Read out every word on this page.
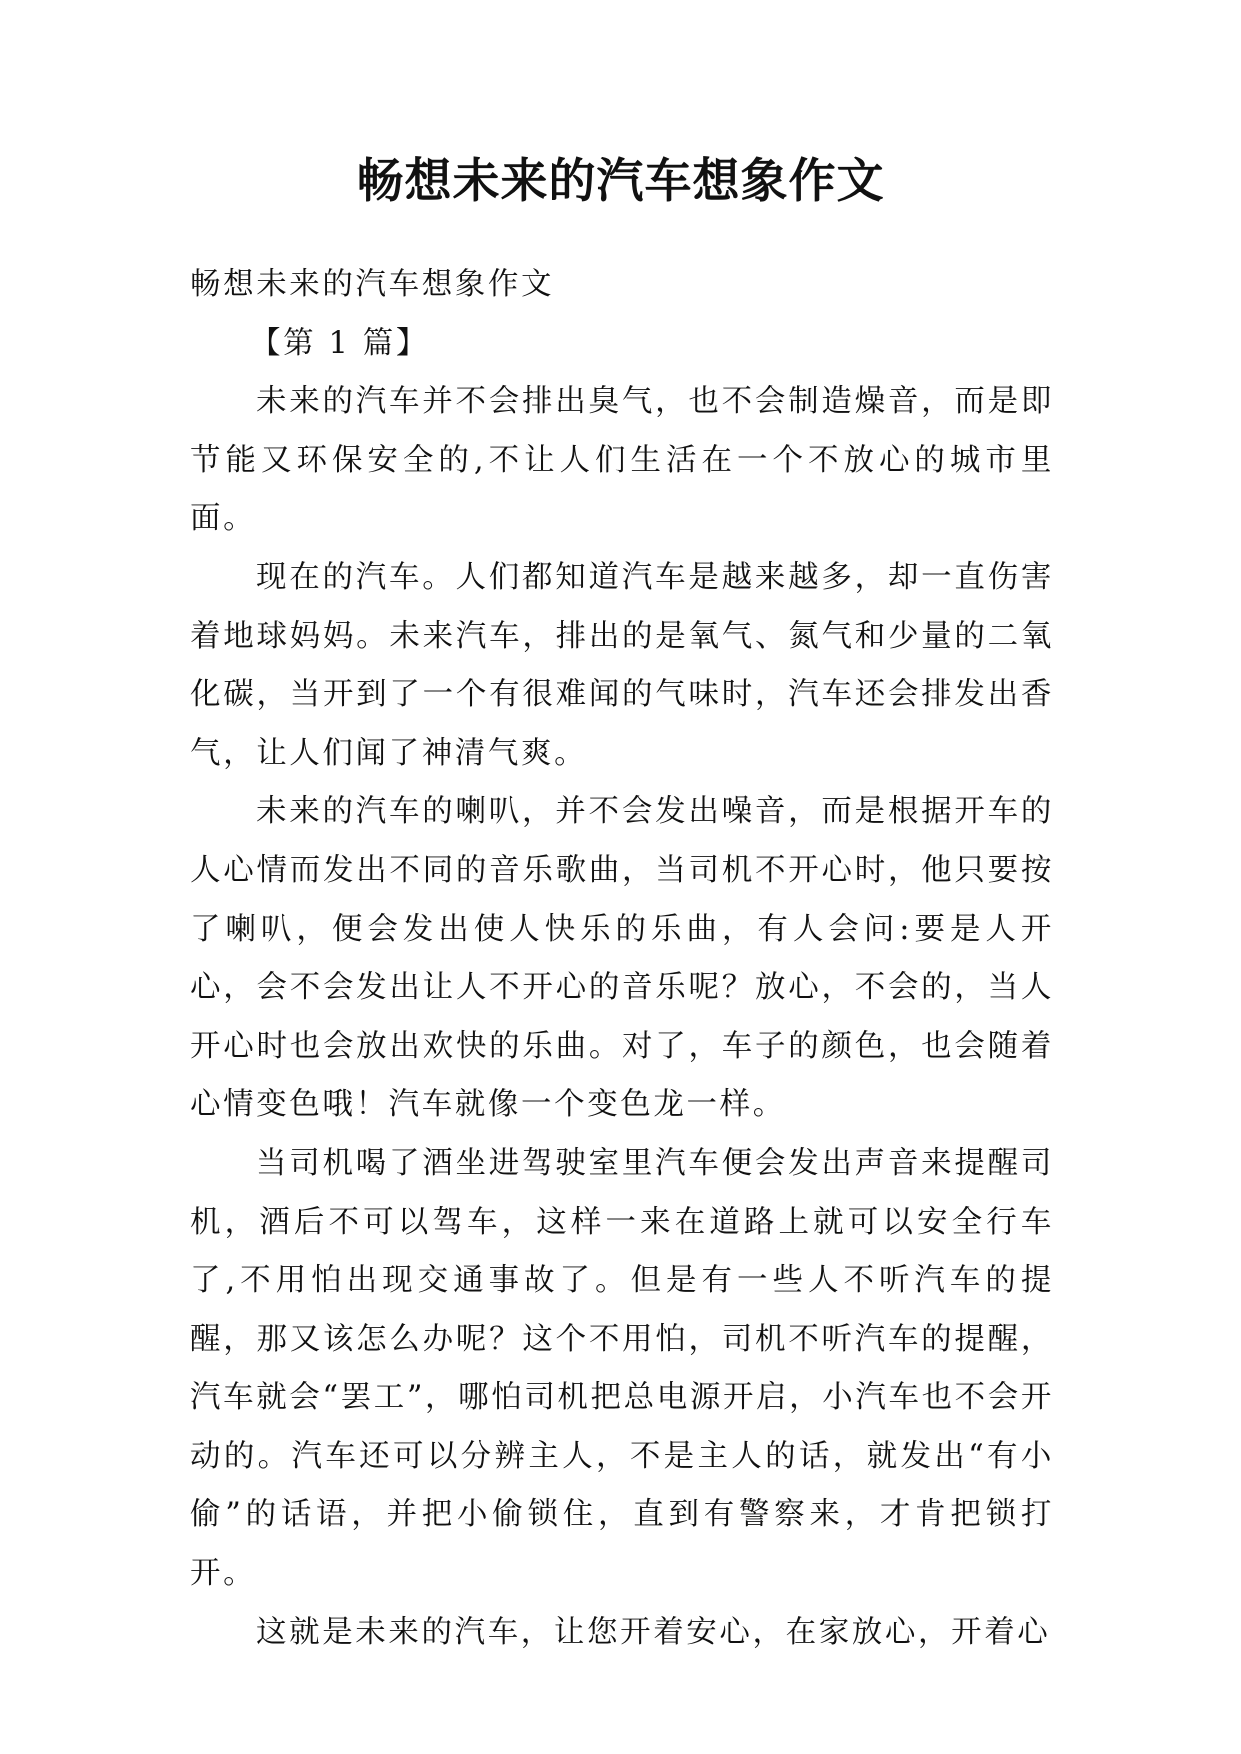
畅想未来的汽车想象作文

畅想未来的汽车想象作文

【第 1 篇】

未来的汽车并不会排出臭气，也不会制造燥音，而是即节能又环保安全的,不让人们生活在一个不放心的城市里面。

现在的汽车。人们都知道汽车是越来越多，却一直伤害着地球妈妈。未来汽车，排出的是氧气、氮气和少量的二氧化碳，当开到了一个有很难闻的气味时，汽车还会排发出香气，让人们闻了神清气爽。

未来的汽车的喇叭，并不会发出噪音，而是根据开车的人心情而发出不同的音乐歌曲，当司机不开心时，他只要按了喇叭，便会发出使人快乐的乐曲，有人会问:要是人开心，会不会发出让人不开心的音乐呢？放心，不会的，当人开心时也会放出欢快的乐曲。对了，车子的颜色，也会随着心情变色哦！汽车就像一个变色龙一样。

当司机喝了酒坐进驾驶室里汽车便会发出声音来提醒司机，酒后不可以驾车，这样一来在道路上就可以安全行车了,不用怕出现交通事故了。但是有一些人不听汽车的提醒，那又该怎么办呢？这个不用怕，司机不听汽车的提醒，汽车就会“罢工”，哪怕司机把总电源开启，小汽车也不会开动的。汽车还可以分辨主人，不是主人的话，就发出“有小偷”的话语，并把小偷锁住，直到有警察来，才肯把锁打开。

这就是未来的汽车，让您开着安心，在家放心，开着心
